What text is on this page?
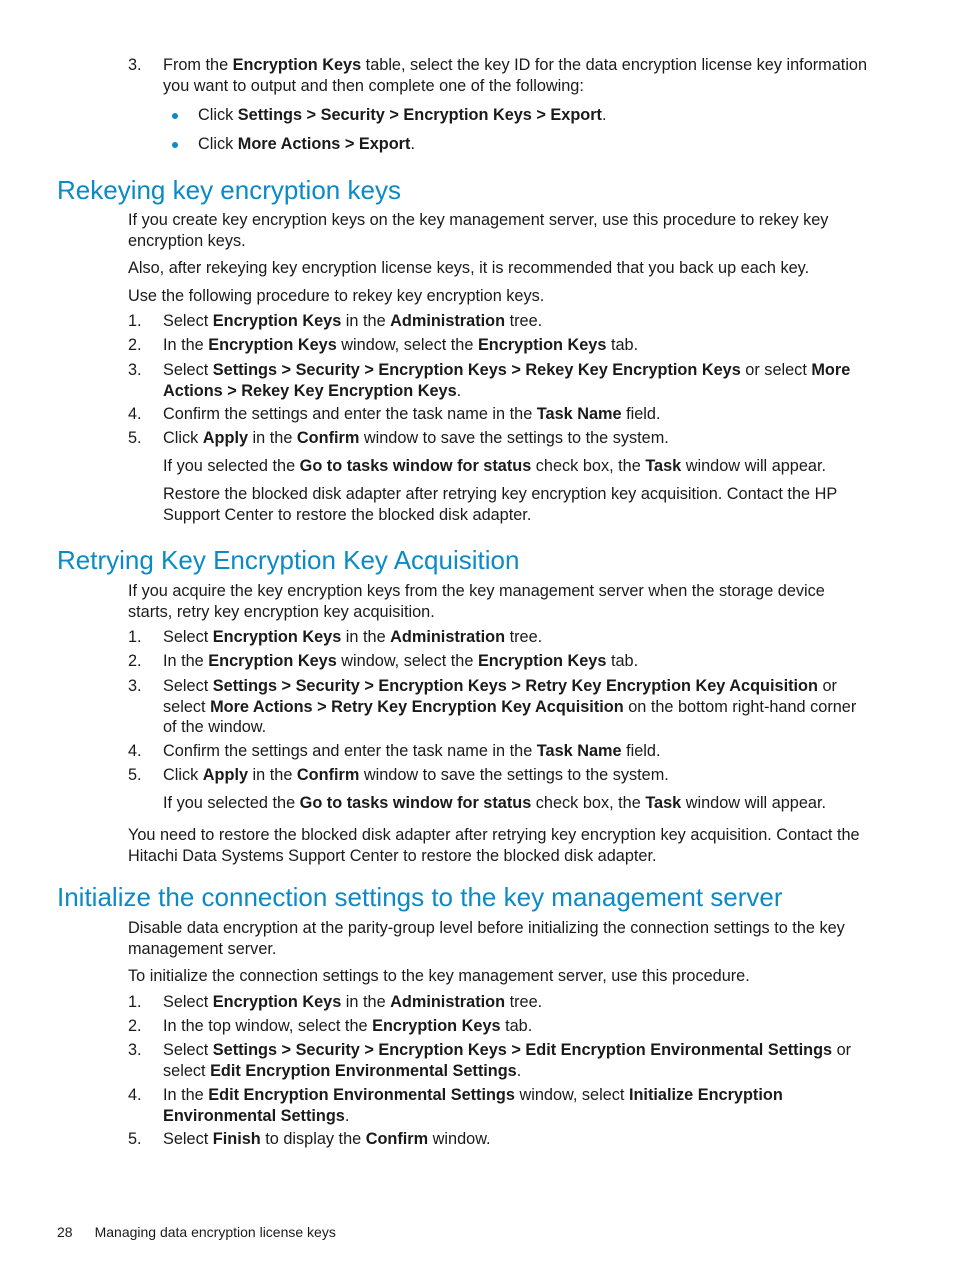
3. From the Encryption Keys table, select the key ID for the data encryption license key information you want to output and then complete one of the following:
Click Settings > Security > Encryption Keys > Export.
Click More Actions > Export.
Rekeying key encryption keys

If you create key encryption keys on the key management server, use this procedure to rekey key encryption keys.

Also, after rekeying key encryption license keys, it is recommended that you back up each key.

Use the following procedure to rekey key encryption keys.

1. Select Encryption Keys in the Administration tree.
2. In the Encryption Keys window, select the Encryption Keys tab.
3. Select Settings > Security > Encryption Keys > Rekey Key Encryption Keys or select More Actions > Rekey Key Encryption Keys.
4. Confirm the settings and enter the task name in the Task Name field.
5. Click Apply in the Confirm window to save the settings to the system.

If you selected the Go to tasks window for status check box, the Task window will appear.

Restore the blocked disk adapter after retrying key encryption key acquisition. Contact the HP Support Center to restore the blocked disk adapter.

Retrying Key Encryption Key Acquisition

If you acquire the key encryption keys from the key management server when the storage device starts, retry key encryption key acquisition.

1. Select Encryption Keys in the Administration tree.
2. In the Encryption Keys window, select the Encryption Keys tab.
3. Select Settings > Security > Encryption Keys > Retry Key Encryption Key Acquisition or select More Actions > Retry Key Encryption Key Acquisition on the bottom right-hand corner of the window.
4. Confirm the settings and enter the task name in the Task Name field.
5. Click Apply in the Confirm window to save the settings to the system.

If you selected the Go to tasks window for status check box, the Task window will appear.

You need to restore the blocked disk adapter after retrying key encryption key acquisition. Contact the Hitachi Data Systems Support Center to restore the blocked disk adapter.

Initialize the connection settings to the key management server

Disable data encryption at the parity-group level before initializing the connection settings to the key management server.

To initialize the connection settings to the key management server, use this procedure.

1. Select Encryption Keys in the Administration tree.
2. In the top window, select the Encryption Keys tab.
3. Select Settings > Security > Encryption Keys > Edit Encryption Environmental Settings or select Edit Encryption Environmental Settings.
4. In the Edit Encryption Environmental Settings window, select Initialize Encryption Environmental Settings.
5. Select Finish to display the Confirm window.
28 Managing data encryption license keys
